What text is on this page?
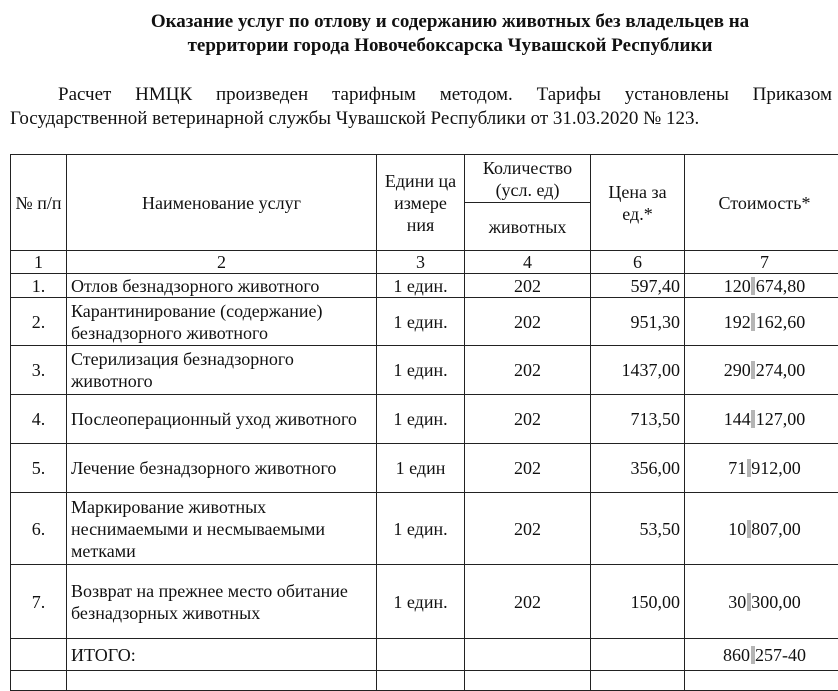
Оказание услуг по отлову и содержанию животных без владельцев на
территории города Новочебоксарска Чувашской Республики
Расчет НМЦК произведен тарифным методом. Тарифы установлены Приказом
Государственной ветеринарной службы Чувашской Республики от 31.03.2020 № 123.
№ п/п	Наименование услуг	Едини ца измере ния	Количество (усл. ед)	Цена за ед.*	Стоимость*
			животных		
1	2	3	4	6	7
1.	Отлов безнадзорного животного	1 един.	202	597,40	120 674,80
2.	Карантинирование (содержание) безнадзорного животного	1 един.	202	951,30	192 162,60
3.	Стерилизация безнадзорного животного	1 един.	202	1437,00	290 274,00
4.	Послеоперационный уход животного	1 един.	202	713,50	144 127,00
5.	Лечение безнадзорного животного	1 един	202	356,00	71 912,00
6.	Маркирование животных неснимаемыми и несмываемыми метками	1 един.	202	53,50	10 807,00
7.	Возврат на прежнее место обитание безнадзорных животных	1 един.	202	150,00	30 300,00
	ИТОГО:				860 257-40
